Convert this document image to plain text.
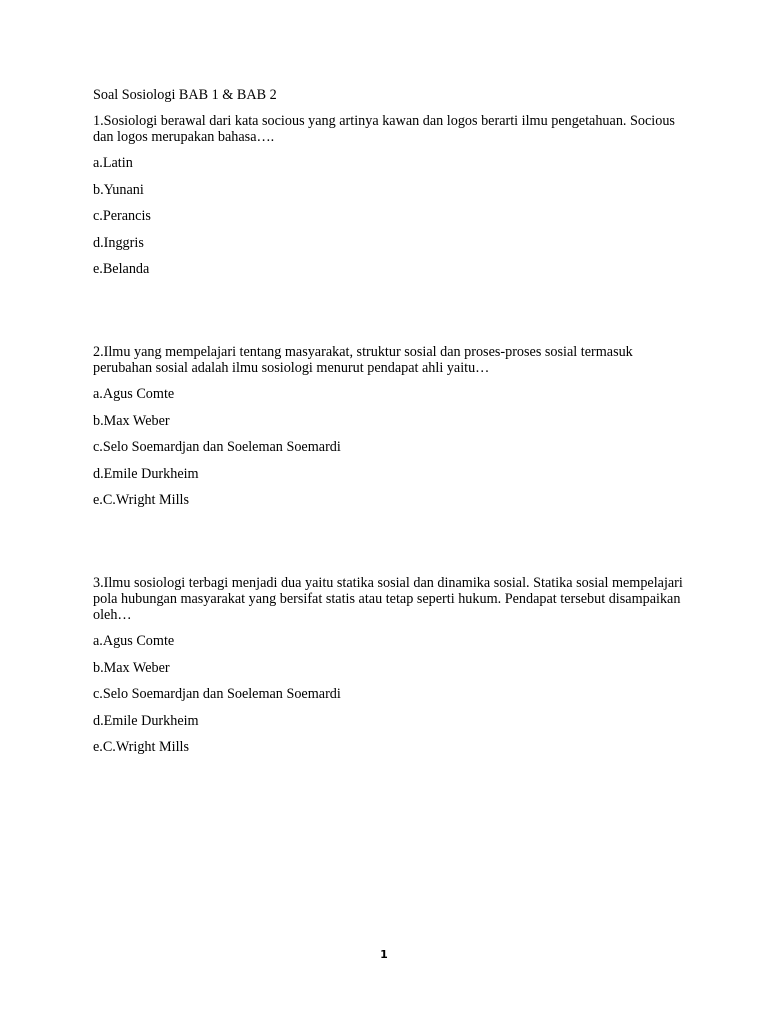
Soal Sosiologi BAB 1 & BAB 2
1.Sosiologi berawal dari kata socious yang artinya kawan dan logos berarti ilmu pengetahuan. Socious dan logos merupakan bahasa….
a.Latin
b.Yunani
c.Perancis
d.Inggris
e.Belanda
2.Ilmu yang mempelajari tentang masyarakat, struktur sosial dan proses-proses sosial termasuk perubahan sosial adalah ilmu sosiologi menurut pendapat ahli yaitu…
a.Agus Comte
b.Max Weber
c.Selo Soemardjan dan Soeleman Soemardi
d.Emile Durkheim
e.C.Wright Mills
3.Ilmu sosiologi terbagi menjadi dua yaitu statika sosial dan dinamika sosial. Statika sosial mempelajari pola hubungan masyarakat yang bersifat statis atau tetap seperti hukum. Pendapat tersebut disampaikan oleh…
a.Agus Comte
b.Max Weber
c.Selo Soemardjan dan Soeleman Soemardi
d.Emile Durkheim
e.C.Wright Mills
1
